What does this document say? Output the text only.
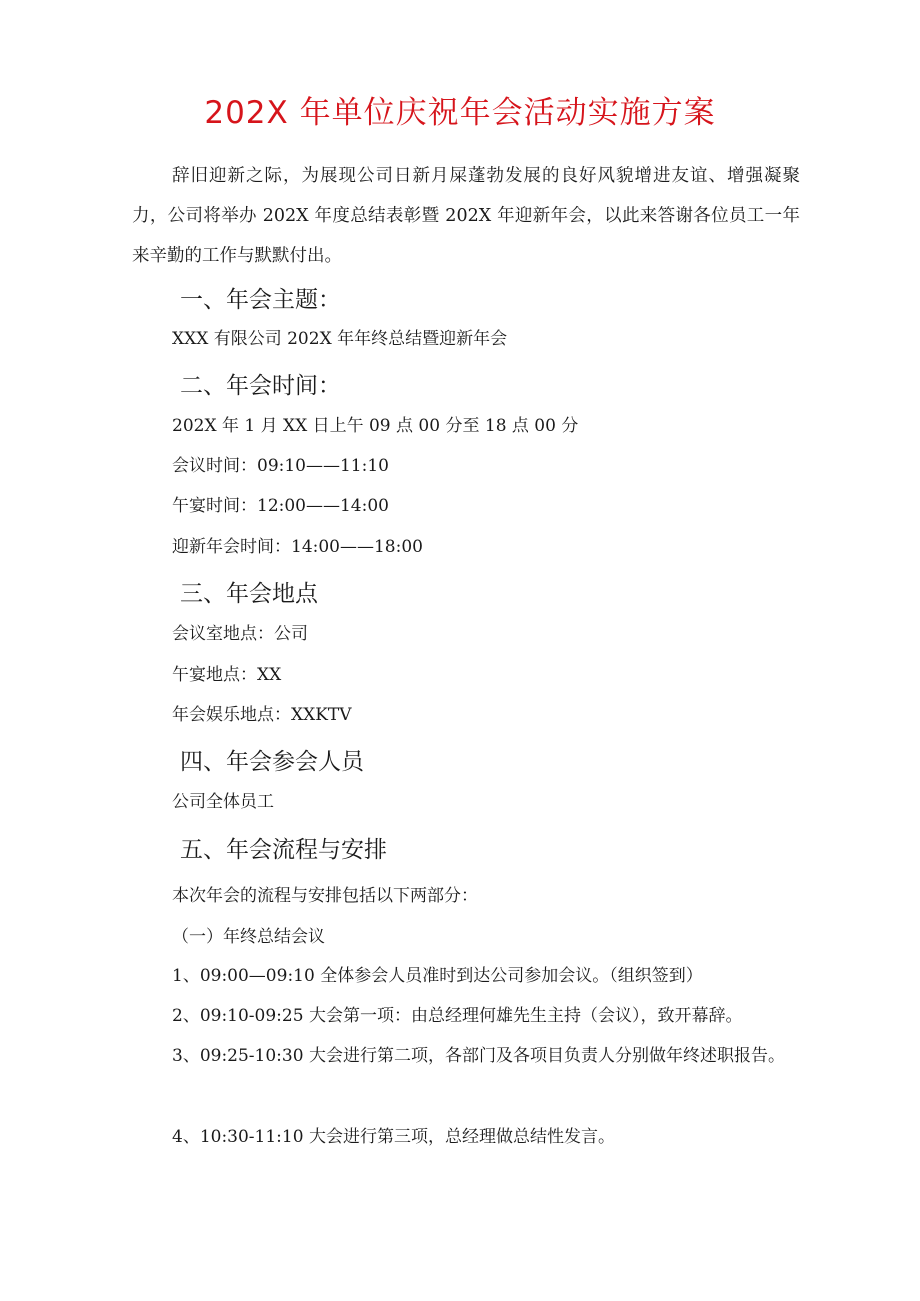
202X 年单位庆祝年会活动实施方案

辞旧迎新之际，为展现公司日新月屎蓬勃发展的良好风貌增进友谊、增强凝聚力，公司将举办 202X 年度总结表彰暨 202X 年迎新年会，以此来答谢各位员工一年来辛勤的工作与默默付出。

一、年会主题：
XXX 有限公司 202X 年年终总结暨迎新年会
二、年会时间：
202X 年 1 月 XX 日上午 09 点 00 分至 18 点 00 分
会议时间：09:10——11:10
午宴时间：12:00——14:00
迎新年会时间：14:00——18:00
三、年会地点
会议室地点：公司
午宴地点：XX
年会娱乐地点：XXKTV
四、年会参会人员
公司全体员工
五、年会流程与安排
本次年会的流程与安排包括以下两部分：
（一）年终总结会议
1、09:00—09:10 全体参会人员准时到达公司参加会议。（组织签到）
2、09:10-09:25 大会第一项：由总经理何雄先生主持（会议），致开幕辞。

3、09:25-10:30 大会进行第二项，各部门及各项目负责人分别做年终述职报告。

4、10:30-11:10 大会进行第三项，总经理做总结性发言。
